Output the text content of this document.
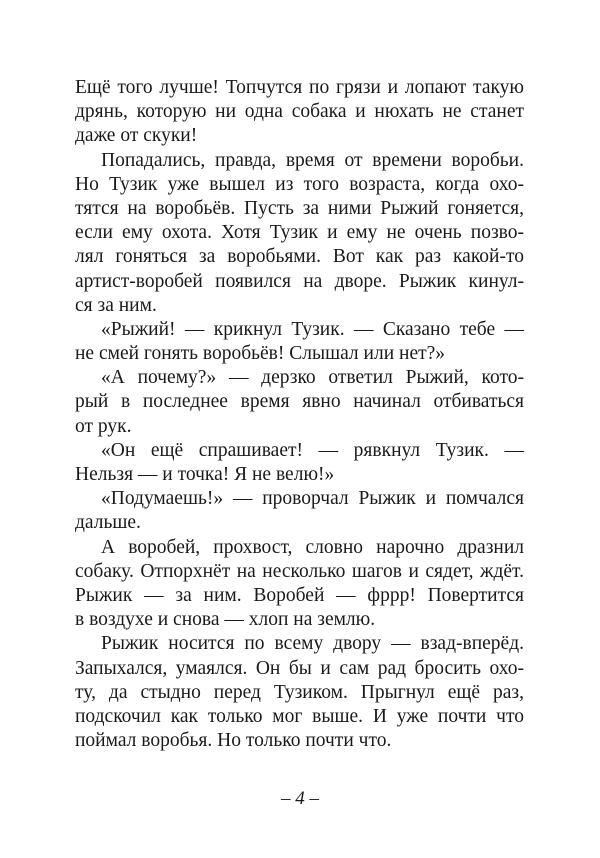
Ещё того лучше! Топчутся по грязи и лопают такую
дрянь, которую ни одна собака и нюхать не станет
даже от скуки!
Попадались, правда, время от времени воробьи.
Но Тузик уже вышел из того возраста, когда охо-
тятся на воробьёв. Пусть за ними Рыжий гоняется,
если ему охота. Хотя Тузик и ему не очень позво-
лял гоняться за воробьями. Вот как раз какой-то
артист-воробей появился на дворе. Рыжик кинул-
ся за ним.
«Рыжий! — крикнул Тузик. — Сказано тебе —
не смей гонять воробьёв! Слышал или нет?»
«А почему?» — дерзко ответил Рыжий, кото-
рый в последнее время явно начинал отбиваться
от рук.
«Он ещё спрашивает! — рявкнул Тузик. —
Нельзя — и точка! Я не велю!»
«Подумаешь!» — проворчал Рыжик и помчался
дальше.
А воробей, прохвост, словно нарочно дразнил
собаку. Отпорхнёт на несколько шагов и сядет, ждёт.
Рыжик — за ним. Воробей — фррр! Повертится
в воздухе и снова — хлоп на землю.
Рыжик носится по всему двору — взад-вперёд.
Запыхался, умаялся. Он бы и сам рад бросить охо-
ту, да стыдно перед Тузиком. Прыгнул ещё раз,
подскочил как только мог выше. И уже почти что
поймал воробья. Но только почти что.
– 4 –
